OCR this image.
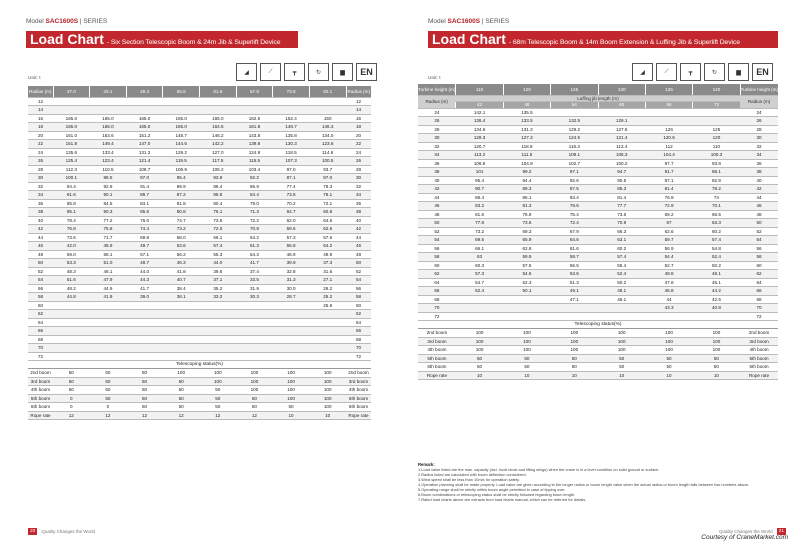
Model SAC1600S | SERIES
Load Chart - Six Section Telescopic Boom & 24m Jib & Superlift Device
◢	⟋	┳	↻	▆	EN
Unit: t
Radius (m)	37.0	43.1	49.3	55.5	61.6	67.8	73.9	80.1	Radius (m)
12									12
14									14
16	165.0	165.0	165.0	165.0	165.0	162.5	152.4	150	16
18	165.0	165.0	165.0	165.0	164.5	161.8	148.7	146.3	18
20	161.0	153.6	151.2	148.7	146.2	143.8	135.8	134.0	20
22	151.8	149.4	147.0	144.6	142.2	139.8	130.3	123.6	22
24	135.6	133.4	131.3	129.2	127.0	124.9	118.5	114.6	24
26	125.4	123.4	121.4	119.5	117.5	115.5	107.3	100.5	26
28	112.3	110.5	108.7	106.9	105.2	103.4	97.0	93.7	28
30	100.1	98.5	97.0	95.4	93.8	92.2	87.1	87.0	30
32	94.4	92.9	91.4	89.9	88.4	86.9	77.4	79.3	32
34	91.6	90.1	88.7	87.2	85.8	84.4	73.6	76.1	34
36	85.8	84.5	83.1	81.8	80.4	79.0	70.2	72.1	36
38	95.1	90.3	85.6	80.8	76.1	71.3	64.7	60.8	38
40	78.4	77.2	76.0	74.7	73.5	72.2	62.0	64.6	40
42	76.8	75.6	74.4	73.2	72.0	70.8	59.5	62.6	42
44	73.6	71.7	69.8	68.0	66.1	64.2	57.3	57.6	44
46	42.0	45.9	49.7	53.6	57.4	61.3	56.8	64.2	46
48	59.0	58.1	57.1	56.2	55.3	54.3	48.9	49.9	48
50	53.3	51.0	48.7	46.3	44.0	41.7	39.9	37.3	50
52	48.3	46.1	44.0	41.8	39.6	37.4	32.8	31.6	52
54	51.6	47.9	44.3	40.7	37.1	33.5	31.3	27.1	54
56	48.2	44.9	41.7	38.4	35.2	31.9	30.0	26.2	56
58	44.8	41.9	39.0	36.1	33.2	30.3	28.7	25.2	58
60								25.8	60
62									62
64									64
66									66
68									68
70									70
72									72
Telescoping status(%)									
2nd boom	50	50	50	100	100	100	100	100	2nd boom
3rd boom	50	50	50	50	100	100	100	100	3rd boom
4th boom	50	50	50	50	50	100	100	100	4th boom
5th boom	0	50	50	50	50	50	100	100	5th boom
6th boom	0	0	50	50	50	50	50	100	6th boom
Rope rate	12	12	12	12	12	12	10	10	Rope rate
20	Quality Changes the World
Model SAC1600S | SERIES
Load Chart - 68m Telescopic Boom & 14m Boom Extension & Luffing Jib & Superlift Device
◢	⟋	┳	↻	▆	EN
Unit: t
Turbine height (m)	110	120	125	130	135	140	Turbine height (m)
Radius (m)	Luffing jib length (m)						Radius (m)
	42	48	54	60	66	72	
24	142.1	135.5					24
26	136.4	133.5	132.5	129.1			26
28	134.6	131.3	129.2	127.6	126	125	28
30	129.3	127.3	124.5	121.4	120.6	120	30
32	120.7	118.8	116.3	113.4	112	110	32
34	113.2	111.5	109.1	106.3	104.4	100.3	34
36	106.6	104.9	102.7	100.2	97.7	93.8	36
38	101	99.2	97.1	94.7	91.7	88.1	38
40	95.4	94.4	92.6	90.5	87.1	82.9	40
42	90.7	89.3	87.5	85.3	81.4	78.2	42
44	86.4	85.1	83.4	81.4	76.9	74	44
46	83.2	81.3	79.6	77.7	72.9	70.1	46
48	81.6	76.9	75.4	73.6	69.2	66.5	48
50	77.8	73.6	72.4	70.9	67	63.3	50
52	73.2	69.3	67.9	66.3	62.6	60.2	52
54	69.5	65.9	64.6	63.1	59.7	57.4	54
56	66.1	62.8	61.6	60.2	56.9	54.8	56
58	63	59.9	58.7	57.4	54.4	52.4	58
60	60.3	57.5	56.5	55.4	52.7	50.2	60
62	57.3	54.6	53.6	52.4	49.8	48.1	62
64	54.7	52.3	51.3	50.2	47.8	46.1	64
66	52.4	50.1	49.1	48.1	45.8	44.2	66
68			47.1	46.1	44	42.5	68
70					43.3	40.8	70
72							72
Telescoping status(%)							
2nd boom	100	100	100	100	100	100	2nd boom
3rd boom	100	100	100	100	100	100	3rd boom
4th boom	100	100	100	100	100	100	4th boom
5th boom	50	50	50	50	50	50	5th boom
6th boom	50	50	50	50	50	50	6th boom
Rope rate	10	10	10	10	10	10	Rope rate
Remark:
1.Load value listed are the max. capacity (incl. hook block and lifting slings) when the crane is in a level condition on solid ground or surface.
2.Radius listed are calculated with boom deflection considered.
3.Wind speed shall be less than 10m/s for operation safety.
4.Operation planning shall be made properly. Load value are given according to the longer radius or boom length value when the actual radius or boom length falls between two numbers above.
5.Operating range shall be strictly within boom angle permitted in case of tipping over.
6.Boom combinations or telescoping status shall be strictly followed regarding boom length.
7.Rated load charts above are extracts from load charts manual, which can be referred for details.
Quality Changes the World	21
Courtesy of CraneMarket.com
